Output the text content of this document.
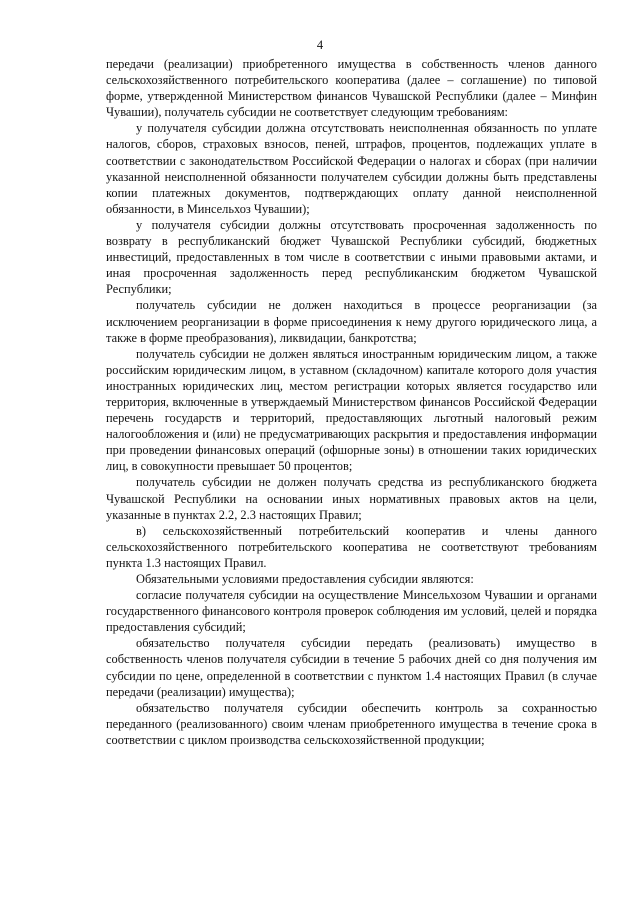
4

передачи (реализации) приобретенного имущества в собственность членов данного сельскохозяйственного потребительского кооператива (далее – соглашение) по типовой форме, утвержденной Министерством финансов Чувашской Республики (далее – Минфин Чувашии), получатель субсидии не соответствует следующим требованиям:

у получателя субсидии должна отсутствовать неисполненная обязанность по уплате налогов, сборов, страховых взносов, пеней, штрафов, процентов, подлежащих уплате в соответствии с законодательством Российской Федерации о налогах и сборах (при наличии указанной неисполненной обязанности получателем субсидии должны быть представлены копии платежных документов, подтверждающих оплату данной неисполненной обязанности, в Минсельхоз Чувашии);

у получателя субсидии должны отсутствовать просроченная задолженность по возврату в республиканский бюджет Чувашской Республики субсидий, бюджетных инвестиций, предоставленных в том числе в соответствии с иными правовыми актами, и иная просроченная задолженность перед республиканским бюджетом Чувашской Республики;

получатель субсидии не должен находиться в процессе реорганизации (за исключением реорганизации в форме присоединения к нему другого юридического лица, а также в форме преобразования), ликвидации, банкротства;

получатель субсидии не должен являться иностранным юридическим лицом, а также российским юридическим лицом, в уставном (складочном) капитале которого доля участия иностранных юридических лиц, местом регистрации которых является государство или территория, включенные в утверждаемый Министерством финансов Российской Федерации перечень государств и территорий, предоставляющих льготный налоговый режим налогообложения и (или) не предусматривающих раскрытия и предоставления информации при проведении финансовых операций (офшорные зоны) в отношении таких юридических лиц, в совокупности превышает 50 процентов;

получатель субсидии не должен получать средства из республиканского бюджета Чувашской Республики на основании иных нормативных правовых актов на цели, указанные в пунктах 2.2, 2.3 настоящих Правил;

в) сельскохозяйственный потребительский кооператив и члены данного сельскохозяйственного потребительского кооператива не соответствуют требованиям пункта 1.3 настоящих Правил.

Обязательными условиями предоставления субсидии являются:

согласие получателя субсидии на осуществление Минсельхозом Чувашии и органами государственного финансового контроля проверок соблюдения им условий, целей и порядка предоставления субсидий;

обязательство получателя субсидии передать (реализовать) имущество в собственность членов получателя субсидии в течение 5 рабочих дней со дня получения им субсидии по цене, определенной в соответствии с пунктом 1.4 настоящих Правил (в случае передачи (реализации) имущества);

обязательство получателя субсидии обеспечить контроль за сохранностью переданного (реализованного) своим членам приобретенного имущества в течение срока в соответствии с циклом производства сельскохозяйственной продукции;
